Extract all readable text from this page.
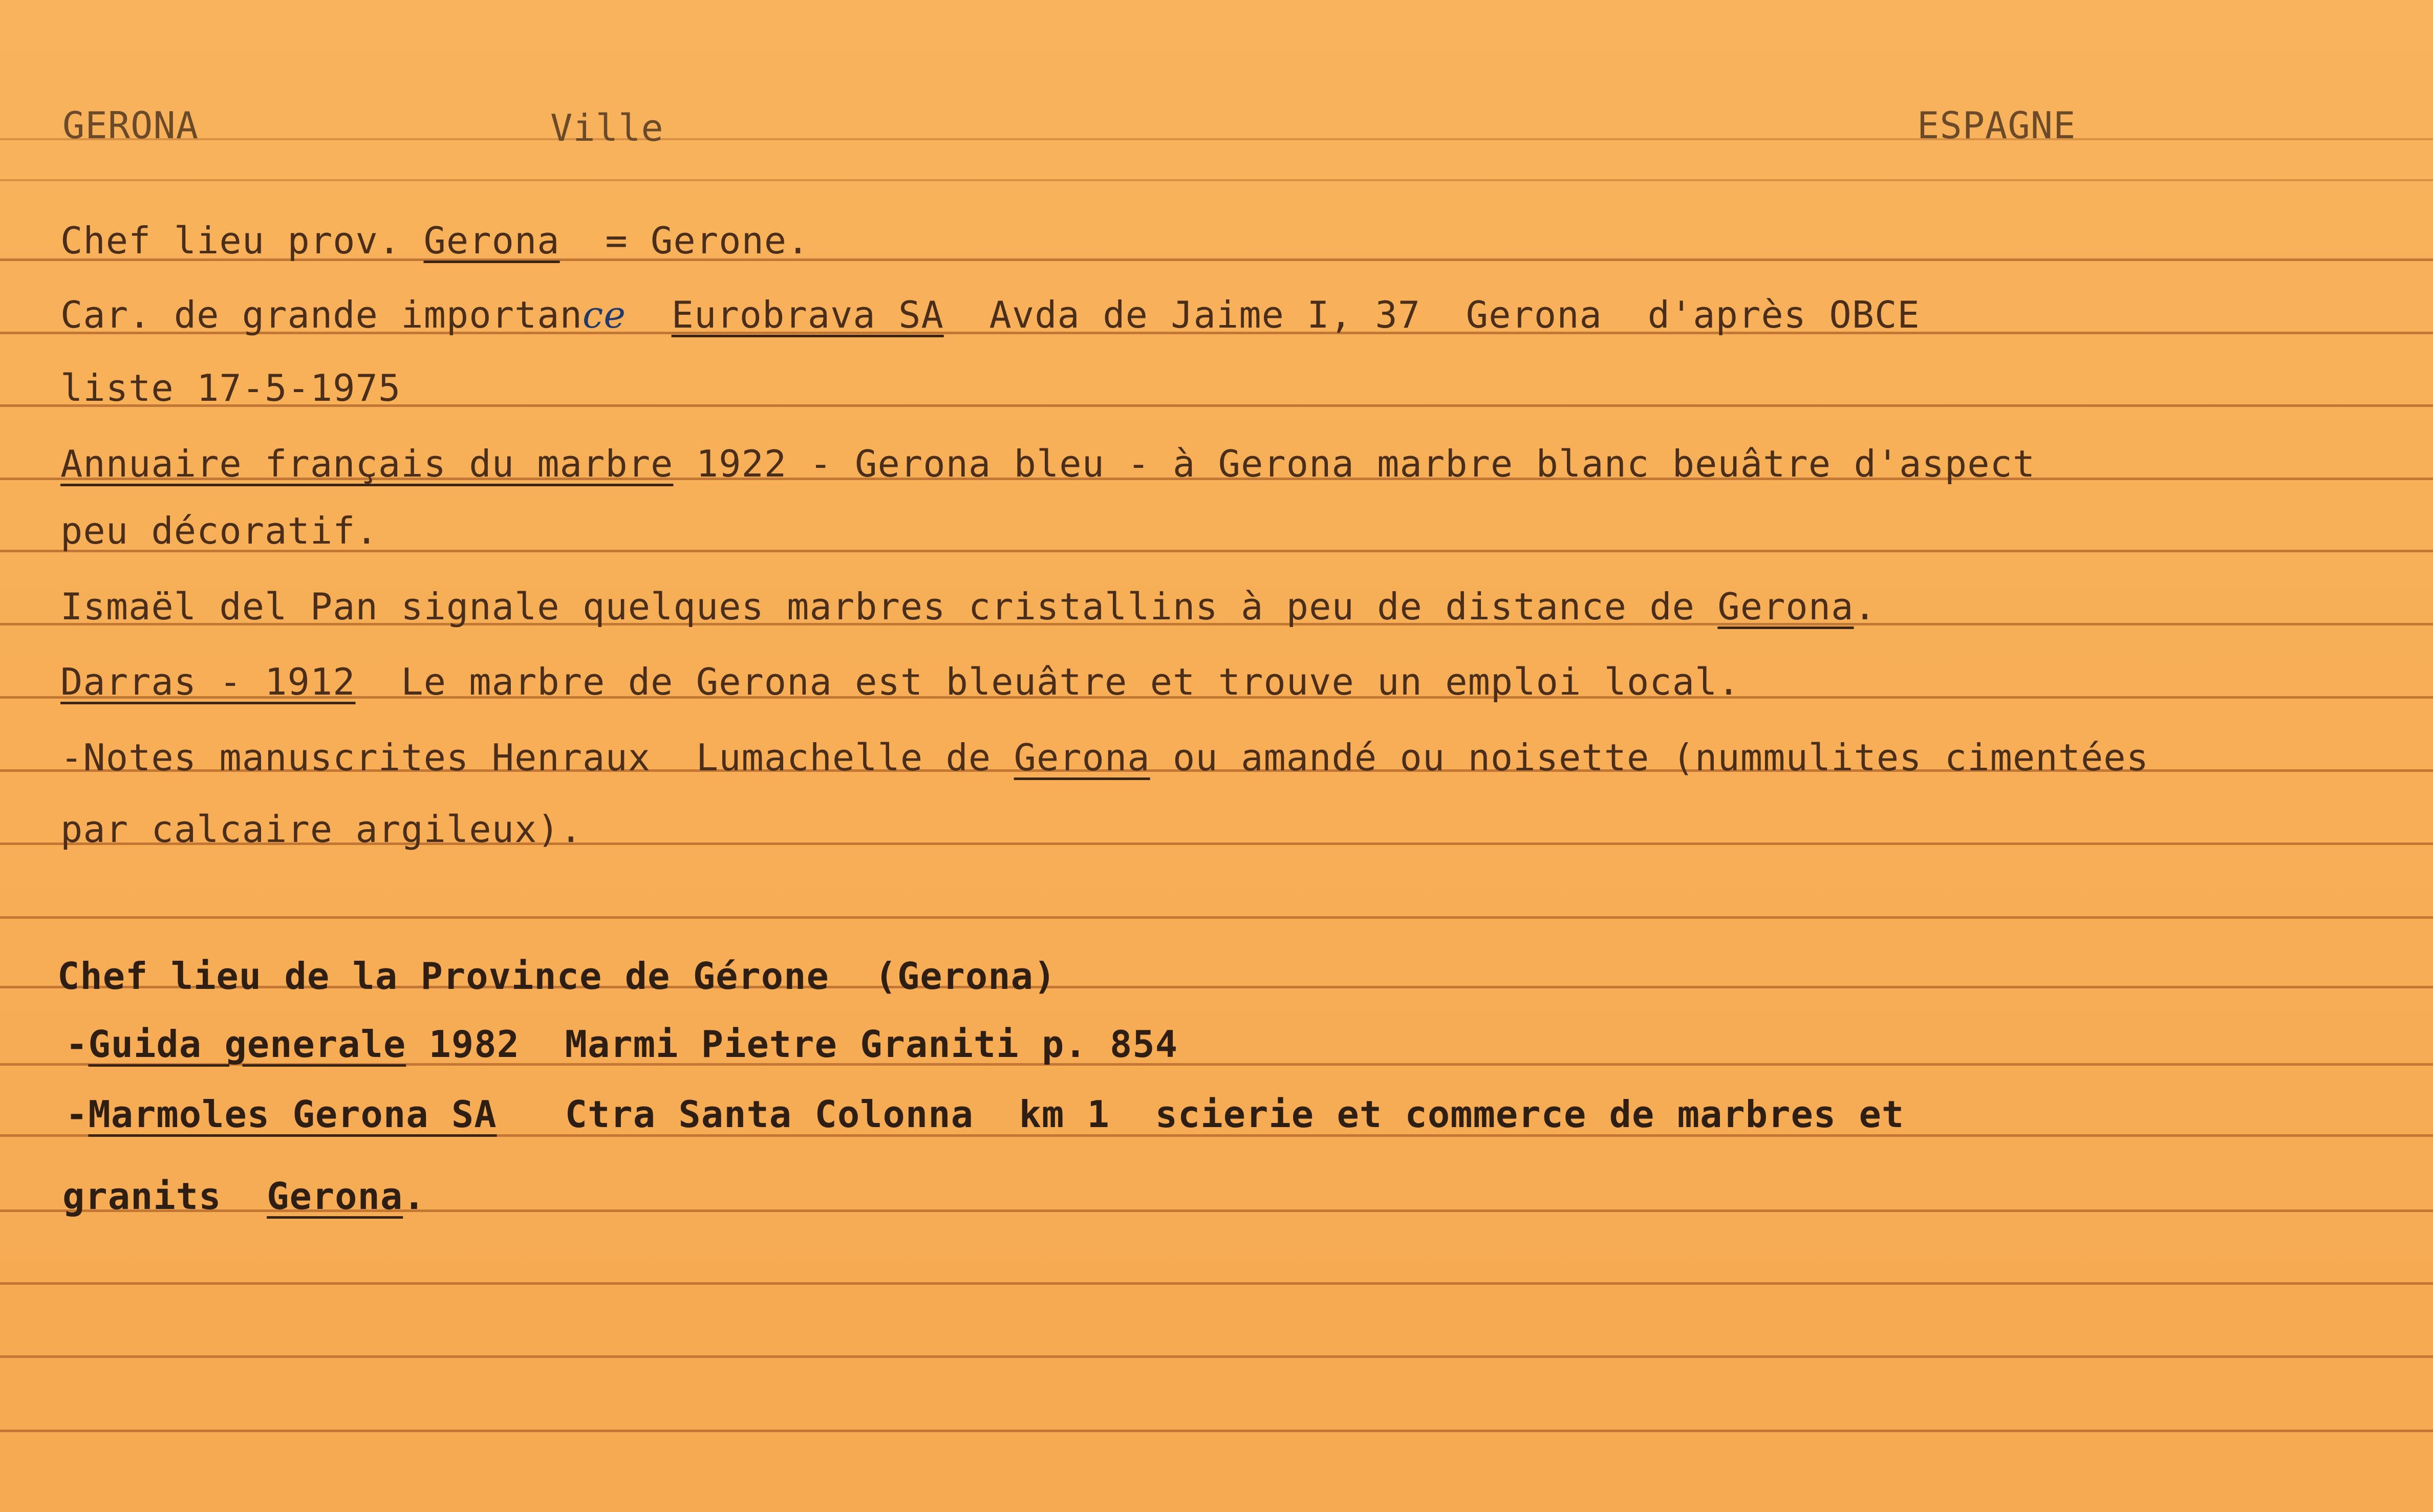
GERONA	Ville	ESPAGNE
Chef lieu prov. Gerona  = Gerone.
Car. de grande importance Eurobrava SA  Avda de Jaime I, 37  Gerona  d'après OBCE
liste 17-5-1975
Annuaire français du marbre 1922 - Gerona bleu - à Gerona marbre blanc beuâtre d'aspect
peu décoratif.
Ismaël del Pan signale quelques marbres cristallins à peu de distance de Gerona.
Darras - 1912  Le marbre de Gerona est bleuâtre et trouve un emploi local.
-Notes manuscrites Henraux  Lumachelle de Gerona ou amandé ou noisette (nummulites cimentées
par calcaire argileux).
Chef lieu de la Province de Gérone  (Gerona)
-Guida generale 1982  Marmi Pietre Graniti p. 854
-Marmoles Gerona SA   Ctra Santa Colonna  km 1  scierie et commerce de marbres et
granits  Gerona.
